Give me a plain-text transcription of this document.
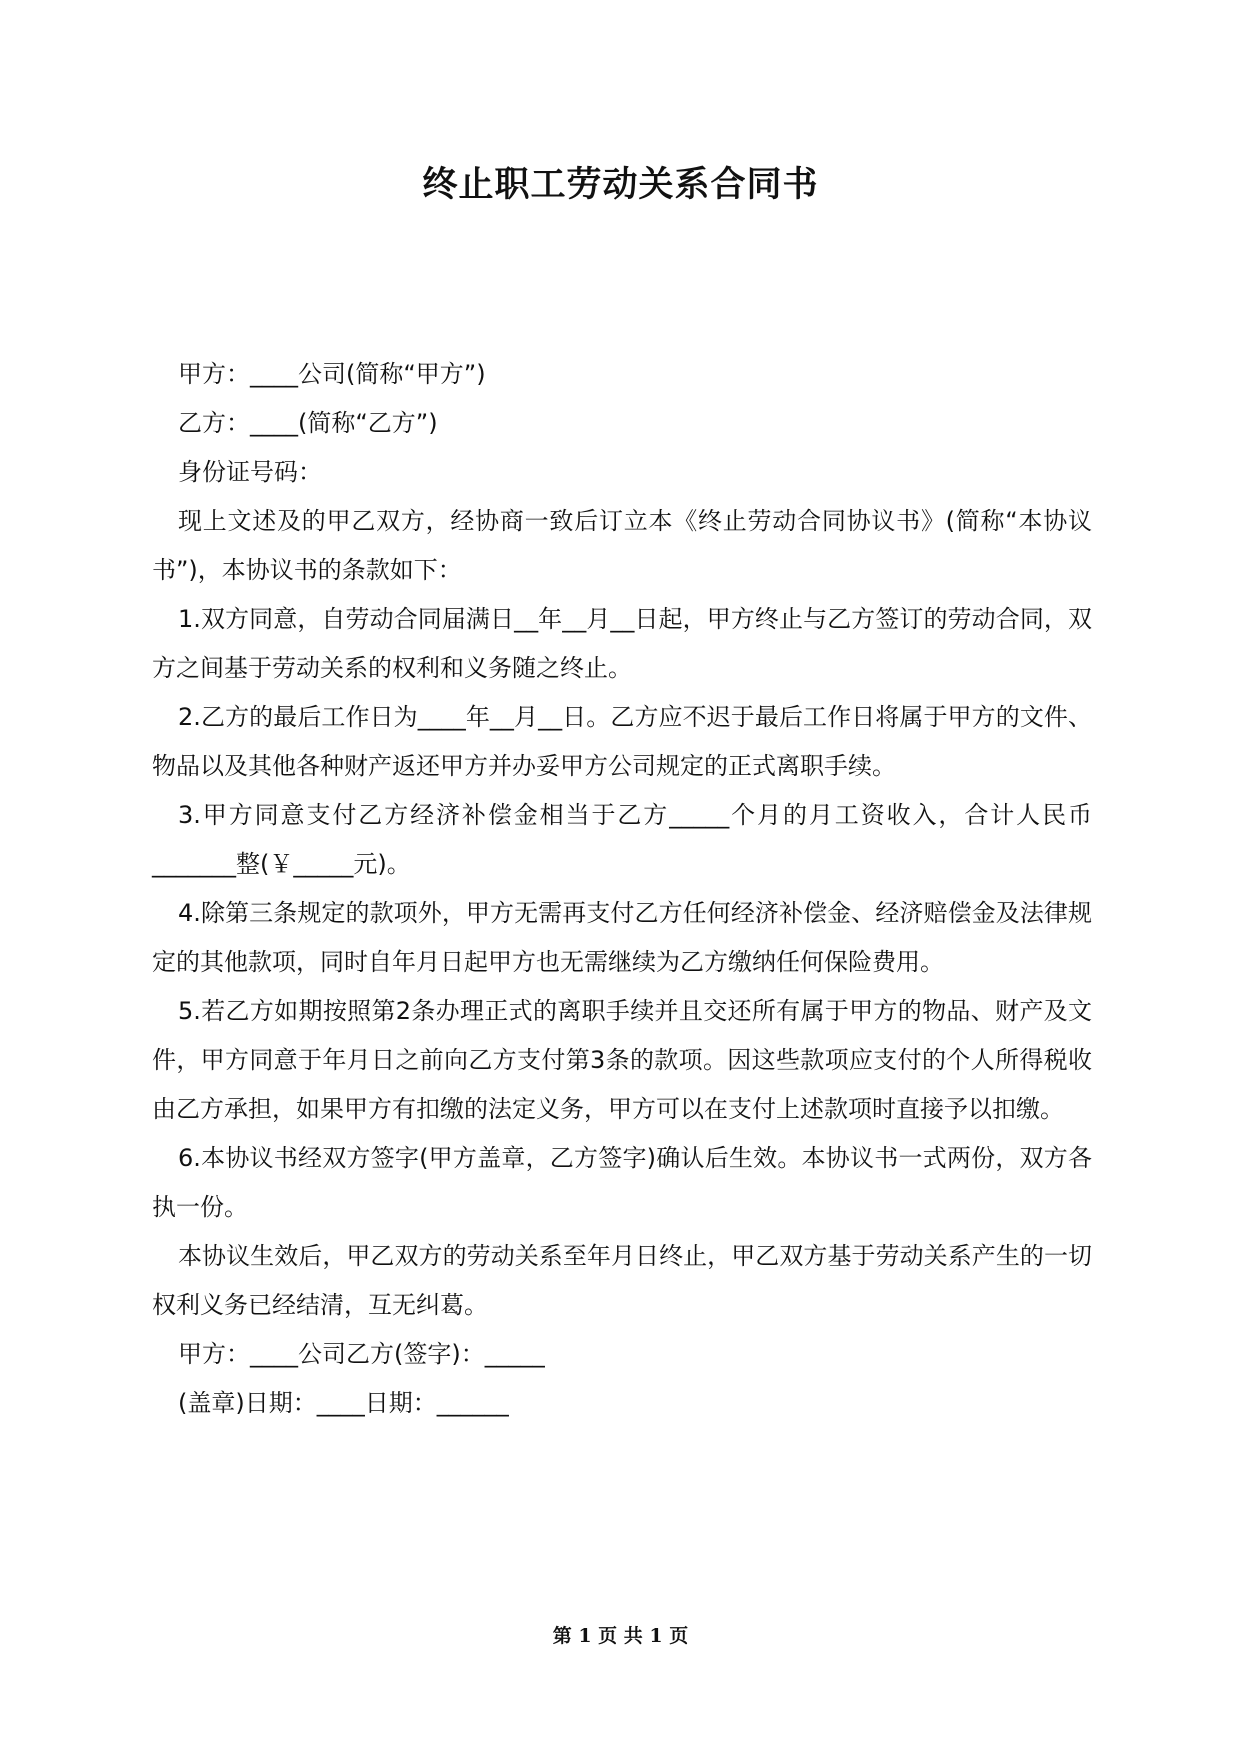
终止职工劳动关系合同书

甲方：____公司(简称“甲方”)

乙方：____(简称“乙方”)

身份证号码：

现上文述及的甲乙双方，经协商一致后订立本《终止劳动合同协议书》(简称“本协议书”)，本协议书的条款如下：

1.双方同意，自劳动合同届满日__年__月__日起，甲方终止与乙方签订的劳动合同，双方之间基于劳动关系的权利和义务随之终止。

2.乙方的最后工作日为____年__月__日。乙方应不迟于最后工作日将属于甲方的文件、物品以及其他各种财产返还甲方并办妥甲方公司规定的正式离职手续。

3.甲方同意支付乙方经济补偿金相当于乙方_____个月的月工资收入，合计人民币_______整(￥_____元)。

4.除第三条规定的款项外，甲方无需再支付乙方任何经济补偿金、经济赔偿金及法律规定的其他款项，同时自年月日起甲方也无需继续为乙方缴纳任何保险费用。

5.若乙方如期按照第2条办理正式的离职手续并且交还所有属于甲方的物品、财产及文件，甲方同意于年月日之前向乙方支付第3条的款项。因这些款项应支付的个人所得税收由乙方承担，如果甲方有扣缴的法定义务，甲方可以在支付上述款项时直接予以扣缴。

6.本协议书经双方签字(甲方盖章，乙方签字)确认后生效。本协议书一式两份，双方各执一份。

本协议生效后，甲乙双方的劳动关系至年月日终止，甲乙双方基于劳动关系产生的一切权利义务已经结清，互无纠葛。

甲方：____公司乙方(签字)：_____

(盖章)日期：____日期：______

第 1 页 共 1 页
